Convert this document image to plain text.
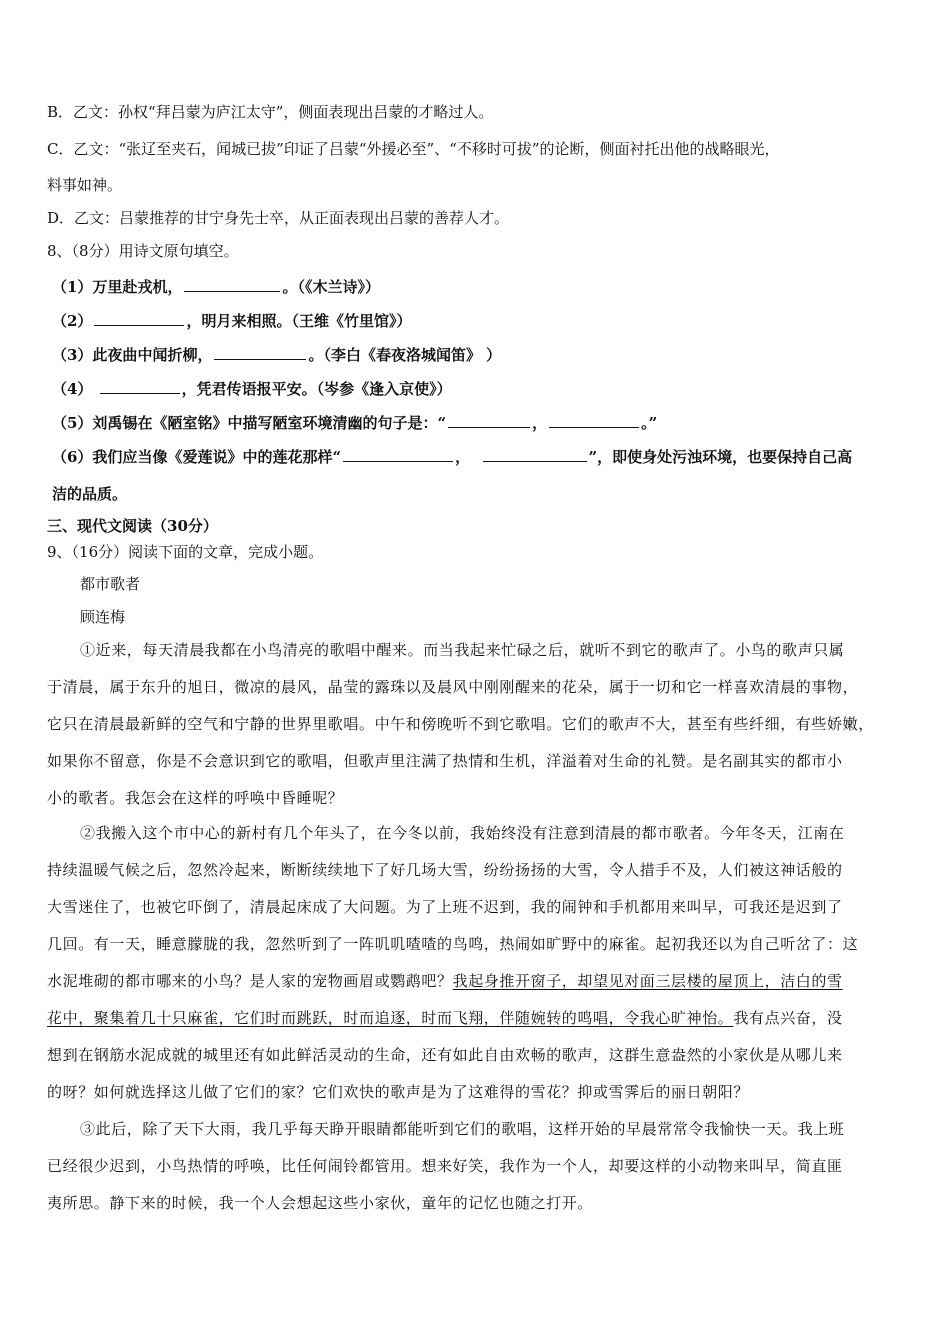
B．乙文：孙权“拜吕蒙为庐江太守”，侧面表现出吕蒙的才略过人。
C．乙文：“张辽至夹石，闻城已拔”印证了吕蒙“外援必至”、“不移时可拔”的论断，侧面衬托出他的战略眼光，
料事如神。
D．乙文：吕蒙推荐的甘宁身先士卒，从正面表现出吕蒙的善荐人才。
8、（8分）用诗文原句填空。
（1）万里赴戎机，	。（《木兰诗》）
（2）	，明月来相照。（王维《竹里馆》）
（3）此夜曲中闻折柳，	。（李白《春夜洛城闻笛》 ）
（4）	，凭君传语报平安。（岑参《逢入京使》）
（5）刘禹锡在《陋室铭》中描写陋室环境清幽的句子是：“	，	。”
（6）我们应当像《爱莲说》中的莲花那样“	，	”，即使身处污浊环境，也要保持自己高
洁的品质。
三、现代文阅读（30分）
9、（16分）阅读下面的文章，完成小题。
都市歌者
顾连梅
①近来，每天清晨我都在小鸟清亮的歌唱中醒来。而当我起来忙碌之后，就听不到它的歌声了。小鸟的歌声只属
于清晨，属于东升的旭日，微凉的晨风，晶莹的露珠以及晨风中刚刚醒来的花朵，属于一切和它一样喜欢清晨的事物，
它只在清晨最新鲜的空气和宁静的世界里歌唱。中午和傍晚听不到它歌唱。它们的歌声不大，甚至有些纤细，有些娇嫩，
如果你不留意，你是不会意识到它的歌唱，但歌声里注满了热情和生机，洋溢着对生命的礼赞。是名副其实的都市小
小的歌者。我怎会在这样的呼唤中昏睡呢？
②我搬入这个市中心的新村有几个年头了，在今冬以前，我始终没有注意到清晨的都市歌者。今年冬天，江南在
持续温暖气候之后，忽然冷起来，断断续续地下了好几场大雪，纷纷扬扬的大雪，令人措手不及，人们被这神话般的
大雪迷住了，也被它吓倒了，清晨起床成了大问题。为了上班不迟到，我的闹钟和手机都用来叫早，可我还是迟到了
几回。有一天，睡意朦胧的我，忽然听到了一阵叽叽喳喳的鸟鸣，热闹如旷野中的麻雀。起初我还以为自己听岔了：这
水泥堆砌的都市哪来的小鸟？是人家的宠物画眉或鹦鹉吧？我起身推开窗子，却望见对面三层楼的屋顶上，洁白的雪
花中，聚集着几十只麻雀，它们时而跳跃，时而追逐，时而飞翔，伴随婉转的鸣唱，令我心旷神怡。我有点兴奋，没
想到在钢筋水泥成就的城里还有如此鲜活灵动的生命，还有如此自由欢畅的歌声，这群生意盎然的小家伙是从哪儿来
的呀？如何就选择这儿做了它们的家？它们欢快的歌声是为了这难得的雪花？抑或雪霁后的丽日朝阳？
③此后，除了天下大雨，我几乎每天睁开眼睛都能听到它们的歌唱，这样开始的早晨常常令我愉快一天。我上班
已经很少迟到，小鸟热情的呼唤，比任何闹铃都管用。想来好笑，我作为一个人，却要这样的小动物来叫早，简直匪
夷所思。静下来的时候，我一个人会想起这些小家伙，童年的记忆也随之打开。
